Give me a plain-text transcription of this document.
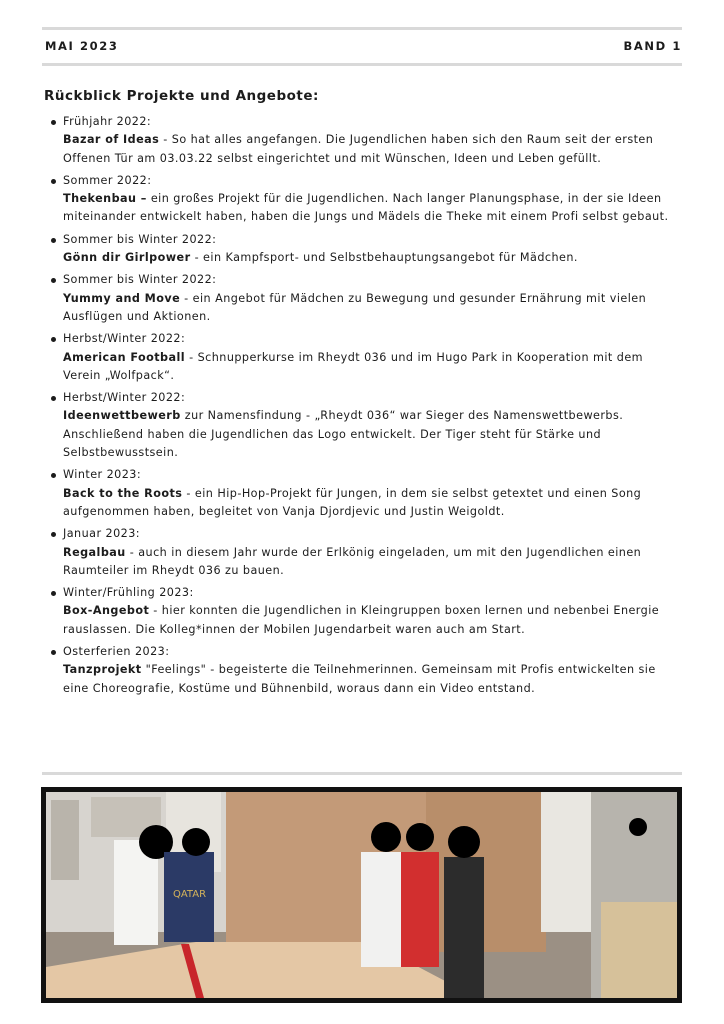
MAI 2023	BAND 1
Rückblick Projekte und Angebote:
Frühjahr 2022:
Bazar of Ideas - So hat alles angefangen. Die Jugendlichen haben sich den Raum seit der ersten Offenen Tür am 03.03.22 selbst eingerichtet und mit Wünschen, Ideen und Leben gefüllt.
Sommer 2022:
Thekenbau – ein großes Projekt für die Jugendlichen. Nach langer Planungsphase, in der sie Ideen miteinander entwickelt haben, haben die Jungs und Mädels die Theke mit einem Profi selbst gebaut.
Sommer bis Winter 2022:
Gönn dir Girlpower - ein Kampfsport- und Selbstbehauptungsangebot für Mädchen.
Sommer bis Winter 2022:
Yummy and Move - ein Angebot für Mädchen zu Bewegung und gesunder Ernährung mit vielen Ausflügen und Aktionen.
Herbst/Winter 2022:
American Football - Schnupperkurse im Rheydt 036 und im Hugo Park in Kooperation mit dem Verein „Wolfpack“.
Herbst/Winter 2022:
Ideenwettbewerb zur Namensfindung - „Rheydt 036“ war Sieger des Namenswettbewerbs. Anschließend haben die Jugendlichen das Logo entwickelt. Der Tiger steht für Stärke und Selbstbewusstsein.
Winter 2023:
Back to the Roots - ein Hip-Hop-Projekt für Jungen, in dem sie selbst getextet und einen Song aufgenommen haben, begleitet von Vanja Djordjevic und Justin Weigoldt.
Januar 2023:
Regalbau - auch in diesem Jahr wurde der Erlkönig eingeladen, um mit den Jugendlichen einen Raumteiler im Rheydt 036 zu bauen.
Winter/Frühling 2023:
Box-Angebot - hier konnten die Jugendlichen in Kleingruppen boxen lernen und nebenbei Energie rauslassen. Die Kolleg*innen der Mobilen Jugendarbeit waren auch am Start.
Osterferien 2023:
Tanzprojekt "Feelings" - begeisterte die Teilnehmerinnen. Gemeinsam mit Profis entwickelten sie eine Choreografie, Kostüme und Bühnenbild, woraus dann ein Video entstand.
QATAR
